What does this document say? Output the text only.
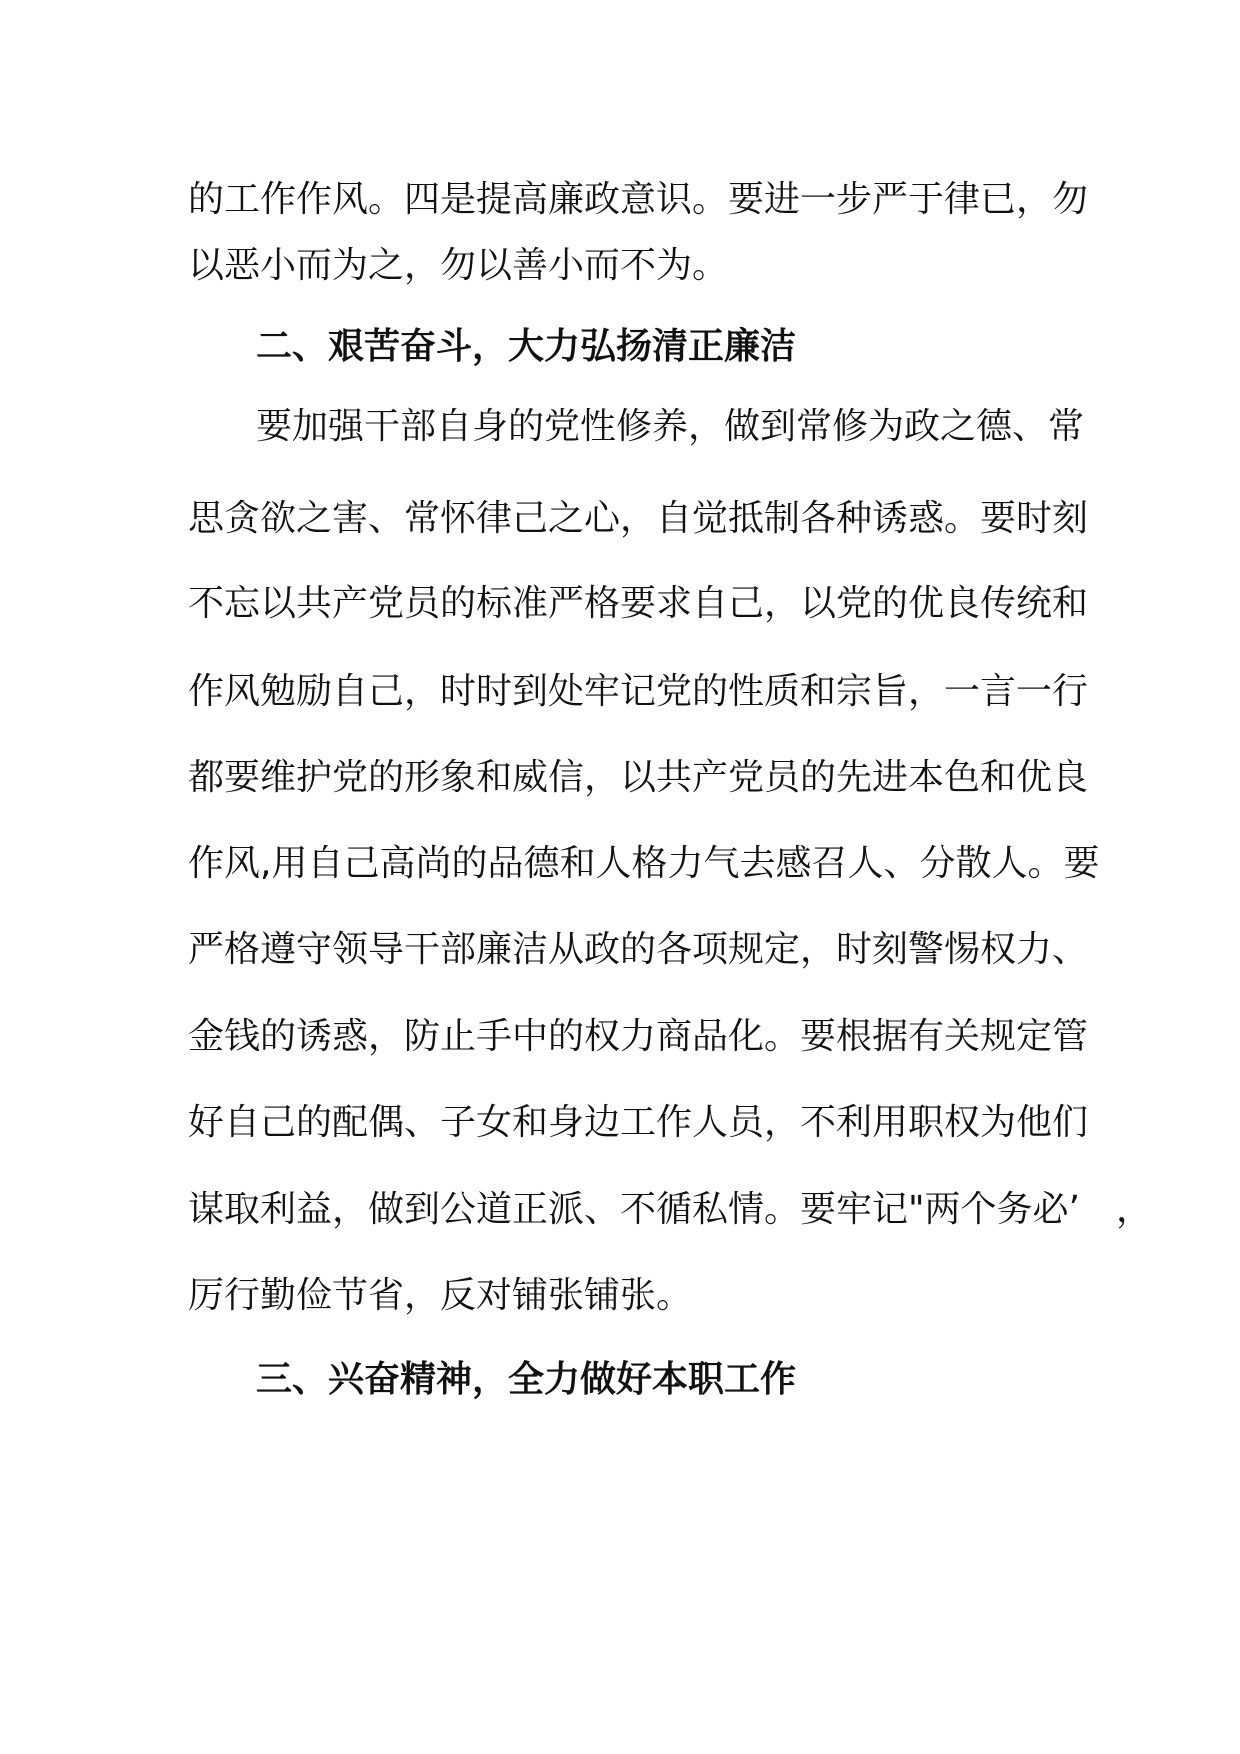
的工作作风。四是提高廉政意识。要进一步严于律已，勿
以恶小而为之，勿以善小而不为。
二、艰苦奋斗，大力弘扬清正廉洁
要加强干部自身的党性修养，做到常修为政之德、常
思贪欲之害、常怀律己之心，自觉抵制各种诱惑。要时刻
不忘以共产党员的标准严格要求自己，以党的优良传统和
作风勉励自己，时时到处牢记党的性质和宗旨，一言一行
都要维护党的形象和威信，以共产党员的先进本色和优良
作风,用自己高尚的品德和人格力气去感召人、分散人。要
严格遵守领导干部廉洁从政的各项规定，时刻警惕权力、
金钱的诱惑，防止手中的权力商品化。要根据有关规定管
好自己的配偶、子女和身边工作人员，不利用职权为他们
谋取利益，做到公道正派、不循私情。要牢记"两个务必’　，
厉行勤俭节省，反对铺张铺张。
三、兴奋精神，全力做好本职工作
